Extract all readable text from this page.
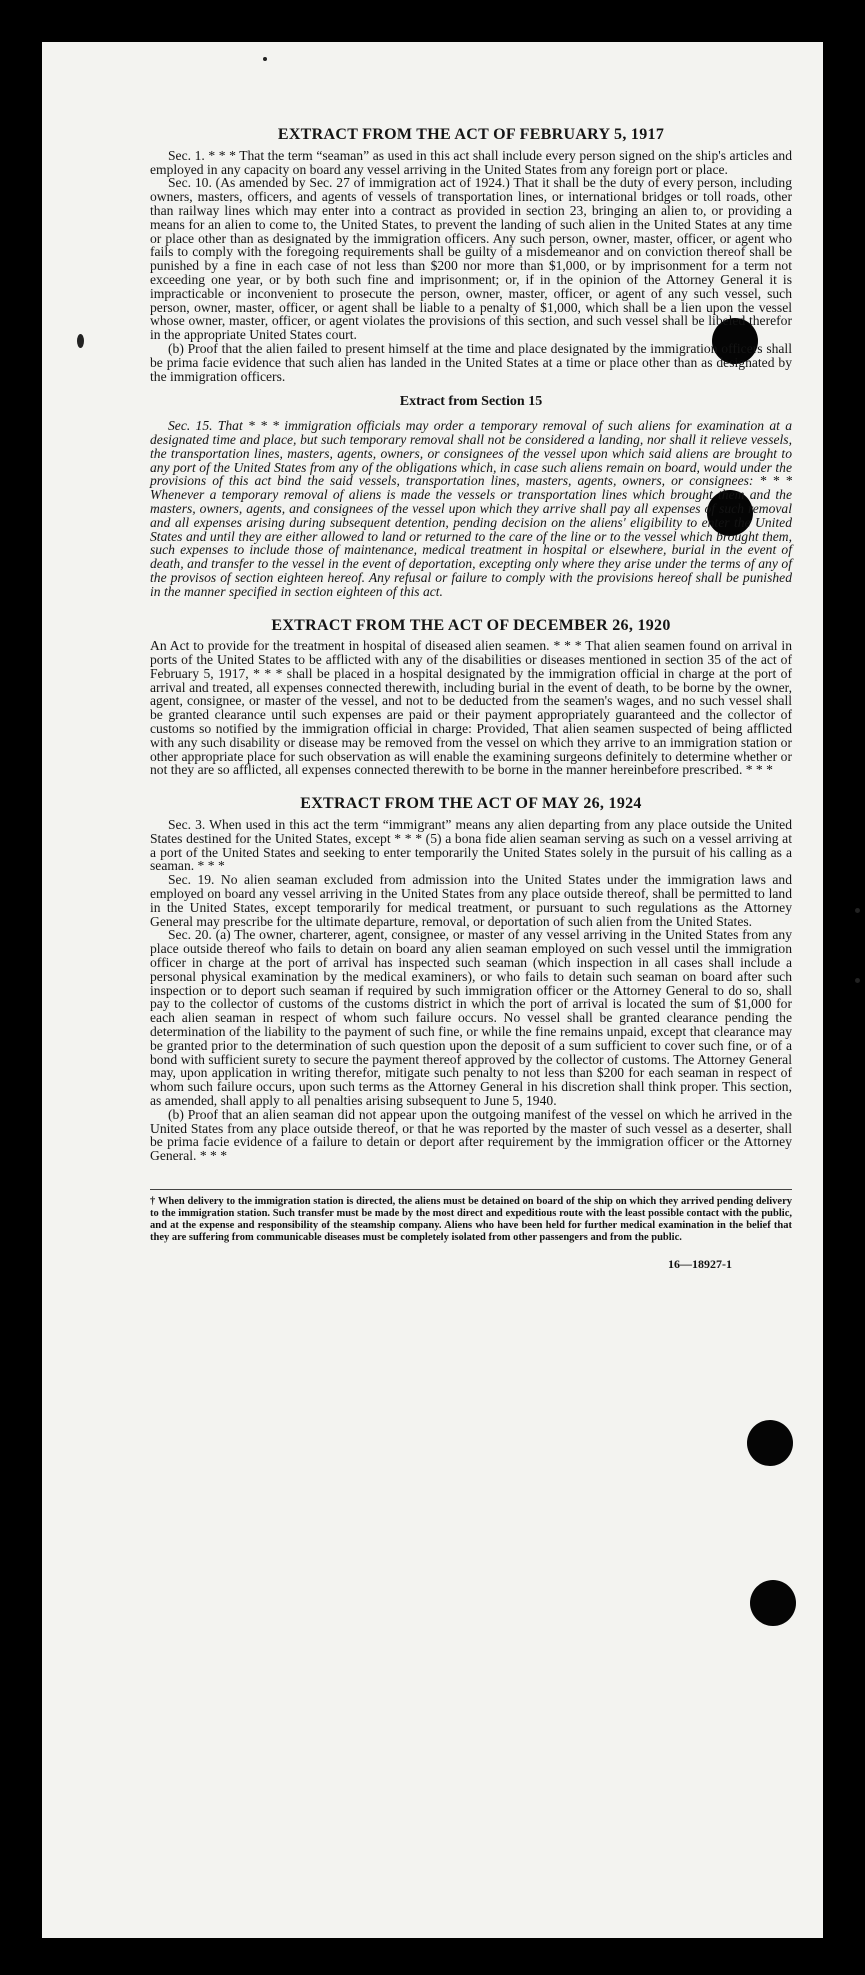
EXTRACT FROM THE ACT OF FEBRUARY 5, 1917

Sec. 1. * * * That the term “seaman” as used in this act shall include every person signed on the ship's articles and employed in any capacity on board any vessel arriving in the United States from any foreign port or place.

Sec. 10. (As amended by Sec. 27 of immigration act of 1924.) That it shall be the duty of every person, including owners, masters, officers, and agents of vessels of transportation lines, or international bridges or toll roads, other than railway lines which may enter into a contract as provided in section 23, bringing an alien to, or providing a means for an alien to come to, the United States, to prevent the landing of such alien in the United States at any time or place other than as designated by the immigration officers. Any such person, owner, master, officer, or agent who fails to comply with the foregoing requirements shall be guilty of a misdemeanor and on conviction thereof shall be punished by a fine in each case of not less than $200 nor more than $1,000, or by imprisonment for a term not exceeding one year, or by both such fine and imprisonment; or, if in the opinion of the Attorney General it is impracticable or inconvenient to prosecute the person, owner, master, officer, or agent of any such vessel, such person, owner, master, officer, or agent shall be liable to a penalty of $1,000, which shall be a lien upon the vessel whose owner, master, officer, or agent violates the provisions of this section, and such vessel shall be libeled therefor in the appropriate United States court.

(b) Proof that the alien failed to present himself at the time and place designated by the immigration officers shall be prima facie evidence that such alien has landed in the United States at a time or place other than as designated by the immigration officers.

Extract from Section 15

Sec. 15. That * * * immigration officials may order a temporary removal of such aliens for examination at a designated time and place, but such temporary removal shall not be considered a landing, nor shall it relieve vessels, the transportation lines, masters, agents, owners, or consignees of the vessel upon which said aliens are brought to any port of the United States from any of the obligations which, in case such aliens remain on board, would under the provisions of this act bind the said vessels, transportation lines, masters, agents, owners, or consignees: * * * Whenever a temporary removal of aliens is made the vessels or transportation lines which brought them and the masters, owners, agents, and consignees of the vessel upon which they arrive shall pay all expenses of such removal and all expenses arising during subsequent detention, pending decision on the aliens' eligibility to enter the United States and until they are either allowed to land or returned to the care of the line or to the vessel which brought them, such expenses to include those of maintenance, medical treatment in hospital or elsewhere, burial in the event of death, and transfer to the vessel in the event of deportation, excepting only where they arise under the terms of any of the provisos of section eighteen hereof. Any refusal or failure to comply with the provisions hereof shall be punished in the manner specified in section eighteen of this act.

EXTRACT FROM THE ACT OF DECEMBER 26, 1920

An Act to provide for the treatment in hospital of diseased alien seamen. * * * That alien seamen found on arrival in ports of the United States to be afflicted with any of the disabilities or diseases mentioned in section 35 of the act of February 5, 1917, * * * shall be placed in a hospital designated by the immigration official in charge at the port of arrival and treated, all expenses connected therewith, including burial in the event of death, to be borne by the owner, agent, consignee, or master of the vessel, and not to be deducted from the seamen's wages, and no such vessel shall be granted clearance until such expenses are paid or their payment appropriately guaranteed and the collector of customs so notified by the immigration official in charge: Provided, That alien seamen suspected of being afflicted with any such disability or disease may be removed from the vessel on which they arrive to an immigration station or other appropriate place for such observation as will enable the examining surgeons definitely to determine whether or not they are so afflicted, all expenses connected therewith to be borne in the manner hereinbefore prescribed. * * *

EXTRACT FROM THE ACT OF MAY 26, 1924

Sec. 3. When used in this act the term “immigrant” means any alien departing from any place outside the United States destined for the United States, except * * * (5) a bona fide alien seaman serving as such on a vessel arriving at a port of the United States and seeking to enter temporarily the United States solely in the pursuit of his calling as a seaman. * * *

Sec. 19. No alien seaman excluded from admission into the United States under the immigration laws and employed on board any vessel arriving in the United States from any place outside thereof, shall be permitted to land in the United States, except temporarily for medical treatment, or pursuant to such regulations as the Attorney General may prescribe for the ultimate departure, removal, or deportation of such alien from the United States.

Sec. 20. (a) The owner, charterer, agent, consignee, or master of any vessel arriving in the United States from any place outside thereof who fails to detain on board any alien seaman employed on such vessel until the immigration officer in charge at the port of arrival has inspected such seaman (which inspection in all cases shall include a personal physical examination by the medical examiners), or who fails to detain such seaman on board after such inspection or to deport such seaman if required by such immigration officer or the Attorney General to do so, shall pay to the collector of customs of the customs district in which the port of arrival is located the sum of $1,000 for each alien seaman in respect of whom such failure occurs. No vessel shall be granted clearance pending the determination of the liability to the payment of such fine, or while the fine remains unpaid, except that clearance may be granted prior to the determination of such question upon the deposit of a sum sufficient to cover such fine, or of a bond with sufficient surety to secure the payment thereof approved by the collector of customs. The Attorney General may, upon application in writing therefor, mitigate such penalty to not less than $200 for each seaman in respect of whom such failure occurs, upon such terms as the Attorney General in his discretion shall think proper. This section, as amended, shall apply to all penalties arising subsequent to June 5, 1940.

(b) Proof that an alien seaman did not appear upon the outgoing manifest of the vessel on which he arrived in the United States from any place outside thereof, or that he was reported by the master of such vessel as a deserter, shall be prima facie evidence of a failure to detain or deport after requirement by the immigration officer or the Attorney General. * * *

† When delivery to the immigration station is directed, the aliens must be detained on board of the ship on which they arrived pending delivery to the immigration station. Such transfer must be made by the most direct and expeditious route with the least possible contact with the public, and at the expense and responsibility of the steamship company. Aliens who have been held for further medical examination in the belief that they are suffering from communicable diseases must be completely isolated from other passengers and from the public.
16—18927-1
